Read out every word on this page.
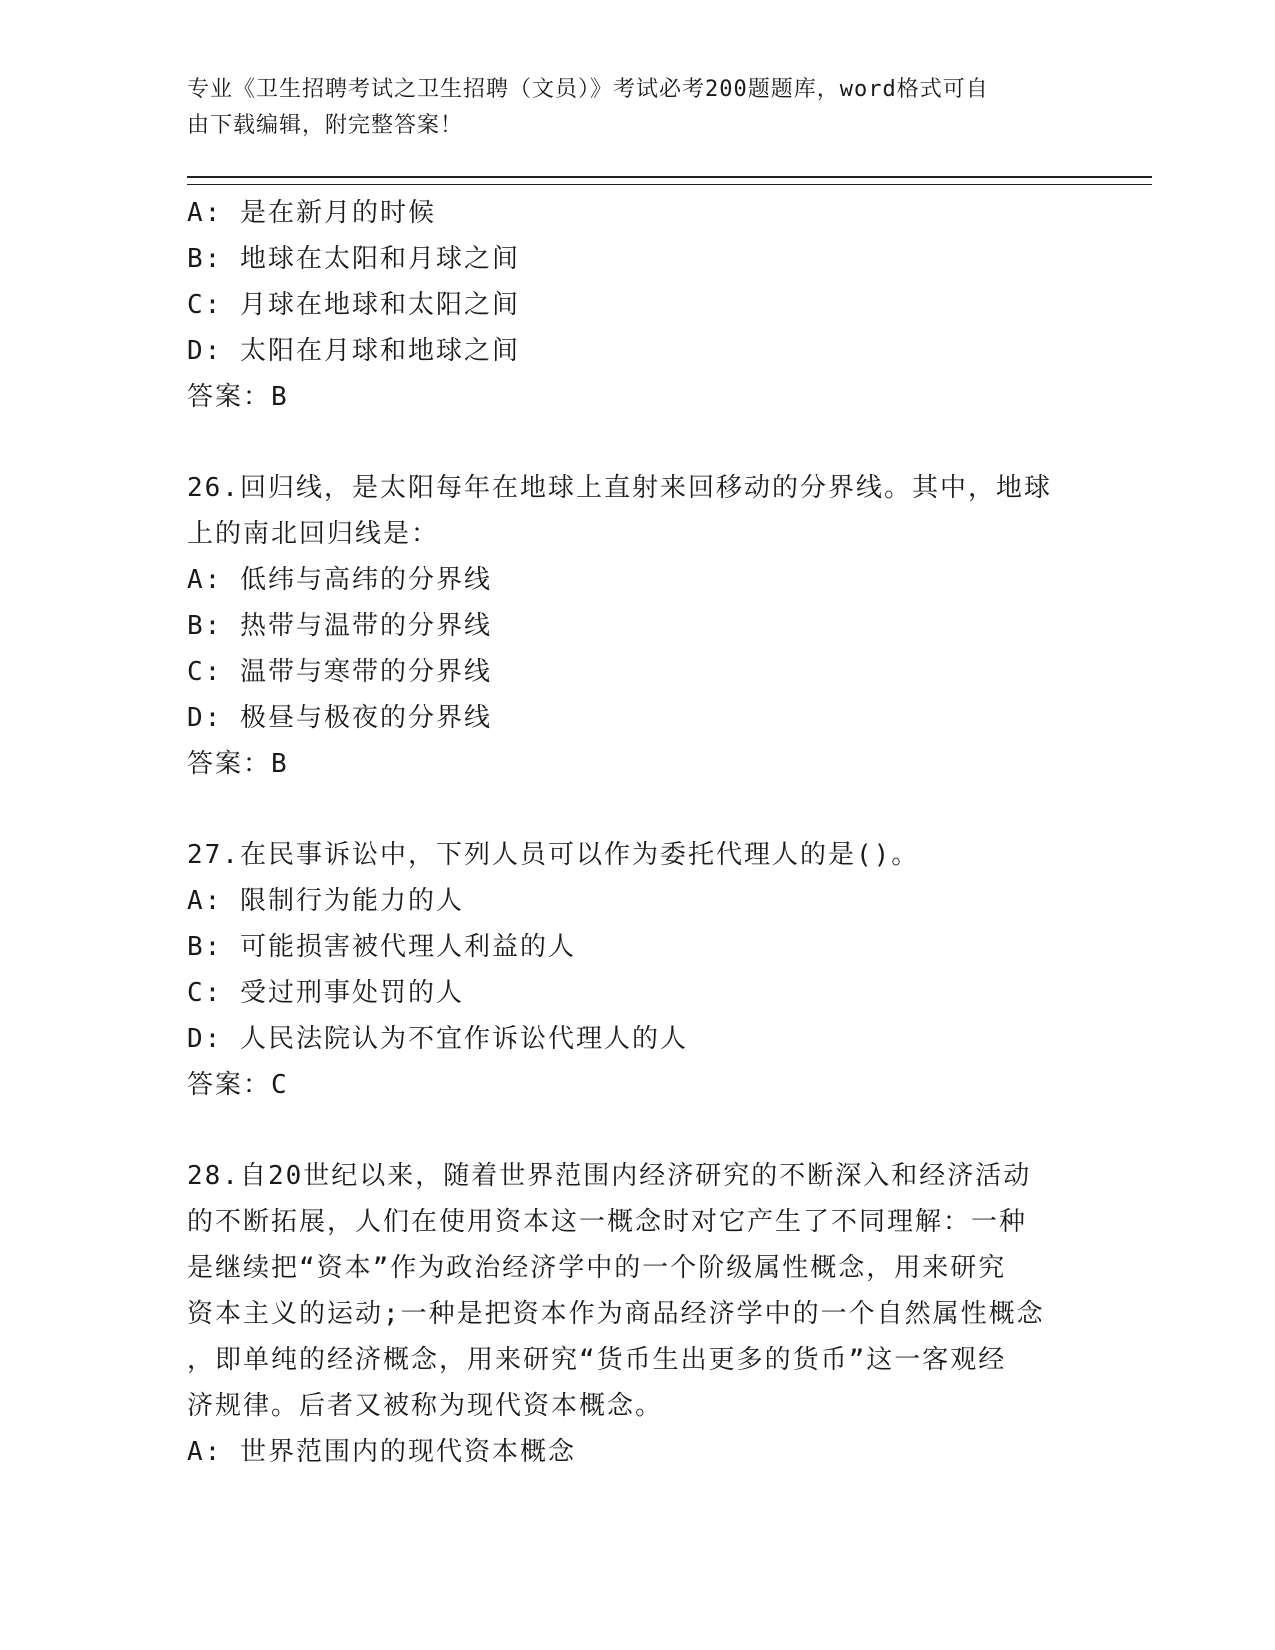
专业《卫生招聘考试之卫生招聘（文员）》考试必考200题题库，word格式可自
由下载编辑，附完整答案！
A: 是在新月的时候
B: 地球在太阳和月球之间
C: 月球在地球和太阳之间
D: 太阳在月球和地球之间
答案：B
26.回归线，是太阳每年在地球上直射来回移动的分界线。其中，地球
上的南北回归线是：
A: 低纬与高纬的分界线
B: 热带与温带的分界线
C: 温带与寒带的分界线
D: 极昼与极夜的分界线
答案：B
27.在民事诉讼中，下列人员可以作为委托代理人的是()。
A: 限制行为能力的人
B: 可能损害被代理人利益的人
C: 受过刑事处罚的人
D: 人民法院认为不宜作诉讼代理人的人
答案：C
28.自20世纪以来，随着世界范围内经济研究的不断深入和经济活动
的不断拓展，人们在使用资本这一概念时对它产生了不同理解：一种
是继续把“资本”作为政治经济学中的一个阶级属性概念，用来研究
资本主义的运动;一种是把资本作为商品经济学中的一个自然属性概念
，即单纯的经济概念，用来研究“货币生出更多的货币”这一客观经
济规律。后者又被称为现代资本概念。
A: 世界范围内的现代资本概念
